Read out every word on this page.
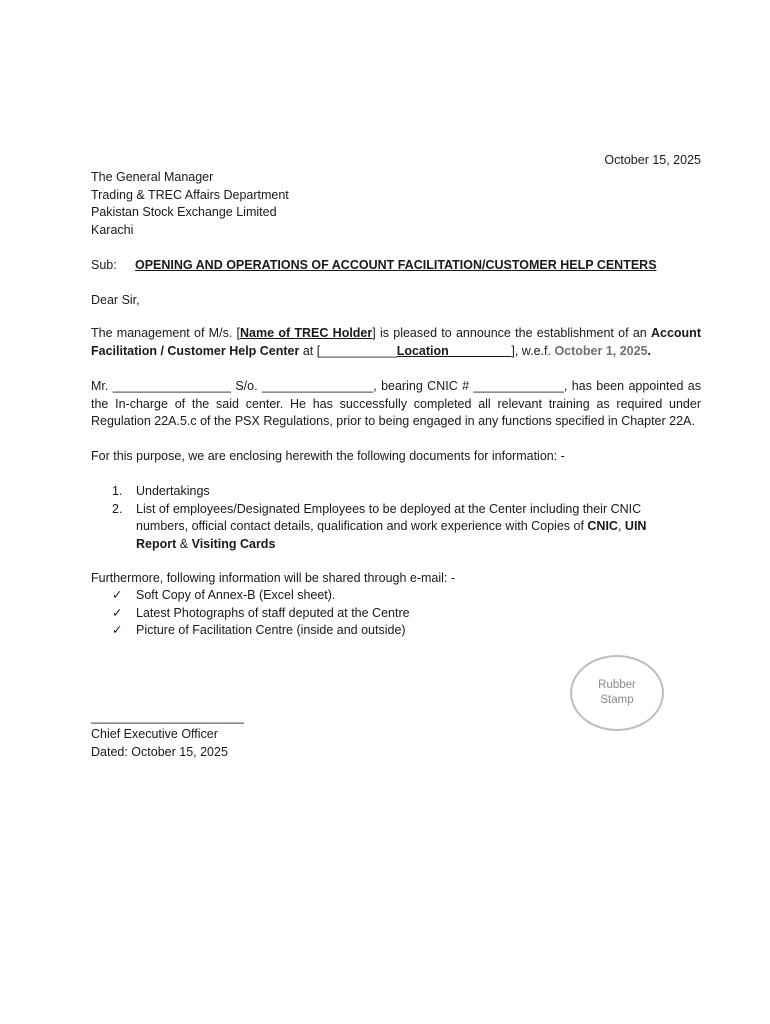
October 15, 2025
The General Manager
Trading & TREC Affairs Department
Pakistan Stock Exchange Limited
Karachi
Sub: OPENING AND OPERATIONS OF ACCOUNT FACILITATION/CUSTOMER HELP CENTERS
Dear Sir,
The management of M/s. [Name of TREC Holder] is pleased to announce the establishment of an Account Facilitation / Customer Help Center at [___________Location_________], w.e.f. October 1, 2025.
Mr. _________________ S/o. ________________, bearing CNIC # _____________, has been appointed as the In-charge of the said center. He has successfully completed all relevant training as required under Regulation 22A.5.c of the PSX Regulations, prior to being engaged in any functions specified in Chapter 22A.
For this purpose, we are enclosing herewith the following documents for information: -
1.	Undertakings
2.	List of employees/Designated Employees to be deployed at the Center including their CNIC numbers, official contact details, qualification and work experience with Copies of CNIC, UIN Report & Visiting Cards
Furthermore, following information will be shared through e-mail: -
✓	Soft Copy of Annex-B (Excel sheet).
✓	Latest Photographs of staff deputed at the Centre
✓	Picture of Facilitation Centre (inside and outside)
Rubber
Stamp
______________________
Chief Executive Officer
Dated: October 15, 2025
